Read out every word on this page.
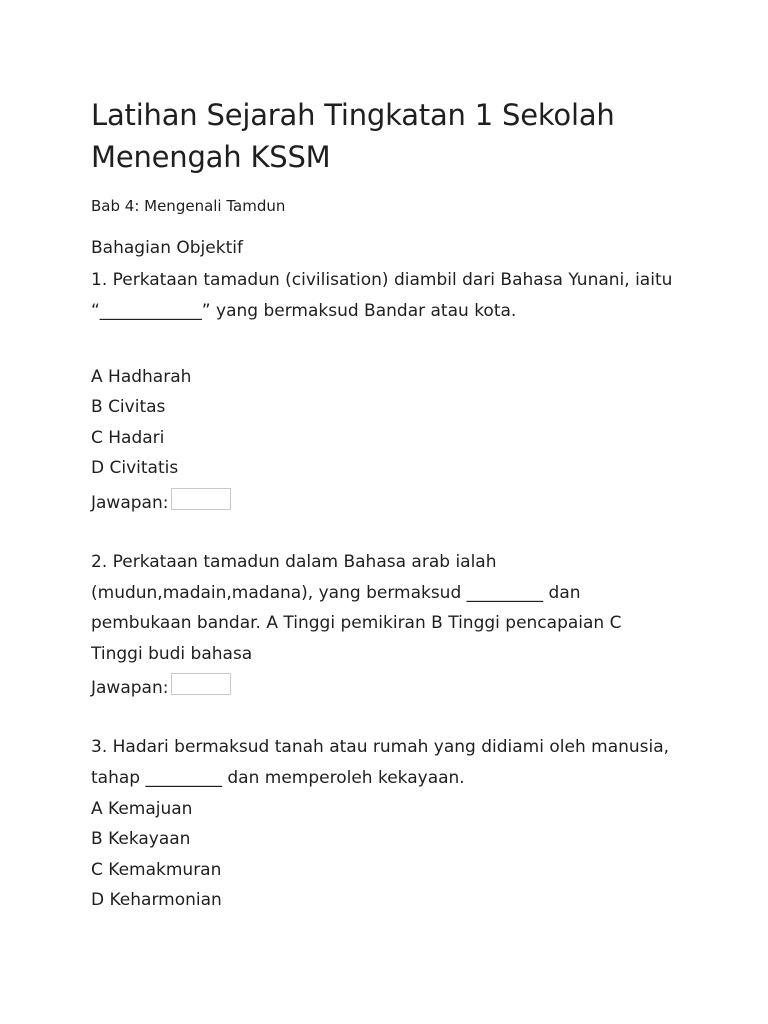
Latihan Sejarah Tingkatan 1 Sekolah
Menengah KSSM
Bab 4: Mengenali Tamdun
Bahagian Objektif
1. Perkataan tamadun (civilisation) diambil dari Bahasa Yunani, iaitu
“____________” yang bermaksud Bandar atau kota.
A Hadharah
B Civitas
C Hadari
D Civitatis
Jawapan:
2. Perkataan tamadun dalam Bahasa arab ialah
(mudun,madain,madana), yang bermaksud _________ dan
pembukaan bandar. A Tinggi pemikiran B Tinggi pencapaian C
Tinggi budi bahasa
Jawapan:
3. Hadari bermaksud tanah atau rumah yang didiami oleh manusia,
tahap _________ dan memperoleh kekayaan.
A Kemajuan
B Kekayaan
C Kemakmuran
D Keharmonian
